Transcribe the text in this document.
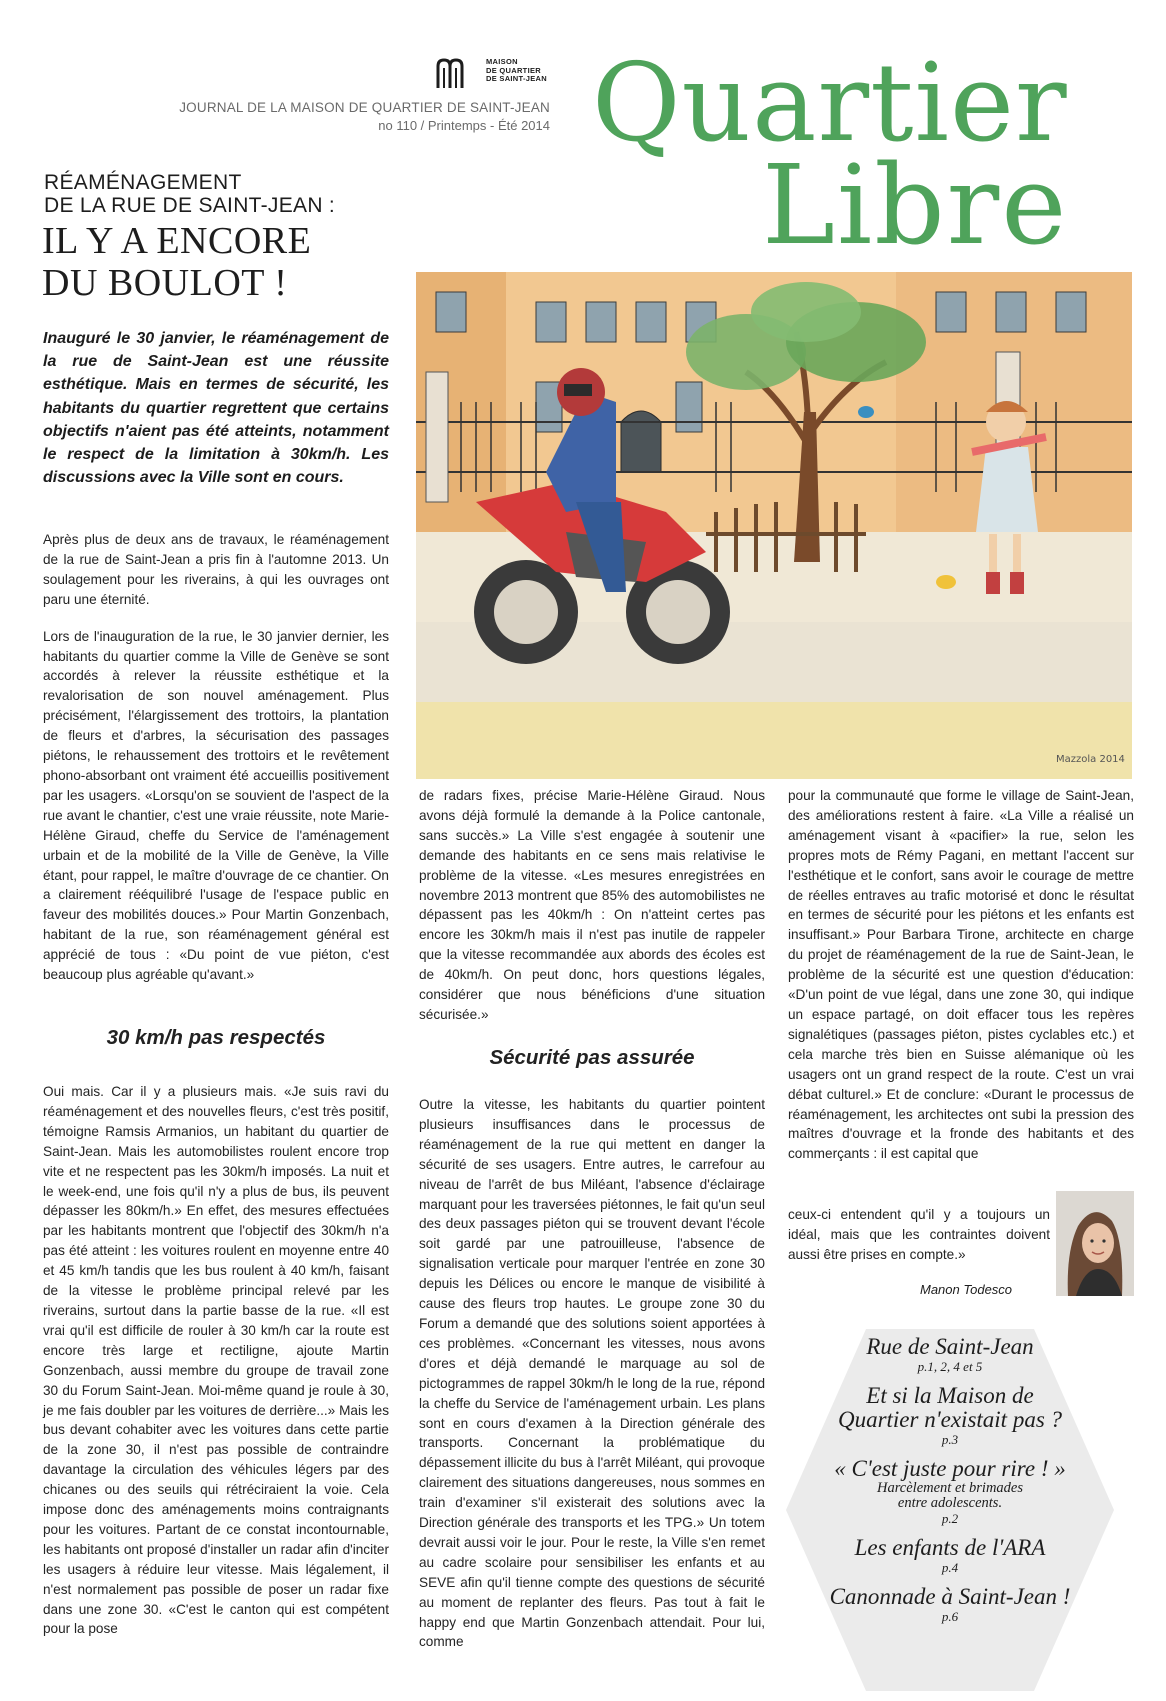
MAISON
DE QUARTIER
DE SAINT-JEAN
JOURNAL DE LA MAISON DE QUARTIER DE SAINT-JEAN
no 110 / Printemps - Été 2014 Quartier
Libre
RÉAMÉNAGEMENT
DE LA RUE DE SAINT-JEAN :
IL Y A ENCORE
DU BOULOT !
Inauguré le 30 janvier, le réaménagement de la rue de Saint-Jean est une réussite esthétique. Mais en termes de sécurité, les habitants du quartier regrettent que certains objectifs n'aient pas été atteints, notamment le respect de la limitation à 30km/h. Les discussions avec la Ville sont en cours.

Après plus de deux ans de travaux, le réaménagement de la rue de Saint-Jean a pris fin à l'automne 2013. Un soulagement pour les riverains, à qui les ouvrages ont paru une éternité.

Lors de l'inauguration de la rue, le 30 janvier dernier, les habitants du quartier comme la Ville de Genève se sont accordés à relever la réussite esthétique et la revalorisation de son nouvel aménagement. Plus précisément, l'élargissement des trottoirs, la plantation de fleurs et d'arbres, la sécurisation des passages piétons, le rehaussement des trottoirs et le revêtement phono-absorbant ont vraiment été accueillis positivement par les usagers. «Lorsqu'on se souvient de l'aspect de la rue avant le chantier, c'est une vraie réussite, note Marie-Hélène Giraud, cheffe du Service de l'aménagement urbain et de la mobilité de la Ville de Genève, la Ville étant, pour rappel, le maître d'ouvrage de ce chantier. On a clairement rééquilibré l'usage de l'espace public en faveur des mobilités douces.» Pour Martin Gonzenbach, habitant de la rue, son réaménagement général est apprécié de tous : «Du point de vue piéton, c'est beaucoup plus agréable qu'avant.»

30 km/h pas respectés

Oui mais. Car il y a plusieurs mais. «Je suis ravi du réaménagement et des nouvelles fleurs, c'est très positif, témoigne Ramsis Armanios, un habitant du quartier de Saint-Jean. Mais les automobilistes roulent encore trop vite et ne respectent pas les 30km/h imposés. La nuit et le week-end, une fois qu'il n'y a plus de bus, ils peuvent dépasser les 80km/h.» En effet, des mesures effectuées par les habitants montrent que l'objectif des 30km/h n'a pas été atteint : les voitures roulent en moyenne entre 40 et 45 km/h tandis que les bus roulent à 40 km/h, faisant de la vitesse le problème principal relevé par les riverains, surtout dans la partie basse de la rue. «Il est vrai qu'il est difficile de rouler à 30 km/h car la route est encore très large et rectiligne, ajoute Martin Gonzenbach, aussi membre du groupe de travail zone 30 du Forum Saint-Jean. Moi-même quand je roule à 30, je me fais doubler par les voitures de derrière...» Mais les bus devant cohabiter avec les voitures dans cette partie de la zone 30, il n'est pas possible de contraindre davantage la circulation des véhicules légers par des chicanes ou des seuils qui rétréciraient la voie. Cela impose donc des aménagements moins contraignants pour les voitures. Partant de ce constat incontournable, les habitants ont proposé d'installer un radar afin d'inciter les usagers à réduire leur vitesse. Mais légalement, il n'est normalement pas possible de poser un radar fixe dans une zone 30. «C'est le canton qui est compétent pour la pose

de radars fixes, précise Marie-Hélène Giraud. Nous avons déjà formulé la demande à la Police cantonale, sans succès.» La Ville s'est engagée à soutenir une demande des habitants en ce sens mais relativise le problème de la vitesse. «Les mesures enregistrées en novembre 2013 montrent que 85% des automobilistes ne dépassent pas les 40km/h : On n'atteint certes pas encore les 30km/h mais il n'est pas inutile de rappeler que la vitesse recommandée aux abords des écoles est de 40km/h. On peut donc, hors questions légales, considérer que nous bénéficions d'une situation sécurisée.»

Sécurité pas assurée

Outre la vitesse, les habitants du quartier pointent plusieurs insuffisances dans le processus de réaménagement de la rue qui mettent en danger la sécurité de ses usagers. Entre autres, le carrefour au niveau de l'arrêt de bus Miléant, l'absence d'éclairage marquant pour les traversées piétonnes, le fait qu'un seul des deux passages piéton qui se trouvent devant l'école soit gardé par une patrouilleuse, l'absence de signalisation verticale pour marquer l'entrée en zone 30 depuis les Délices ou encore le manque de visibilité à cause des fleurs trop hautes. Le groupe zone 30 du Forum a demandé que des solutions soient apportées à ces problèmes. «Concernant les vitesses, nous avons d'ores et déjà demandé le marquage au sol de pictogrammes de rappel 30km/h le long de la rue, répond la cheffe du Service de l'aménagement urbain. Les plans sont en cours d'examen à la Direction générale des transports. Concernant la problématique du dépassement illicite du bus à l'arrêt Miléant, qui provoque clairement des situations dangereuses, nous sommes en train d'examiner s'il existerait des solutions avec la Direction générale des transports et les TPG.» Un totem devrait aussi voir le jour. Pour le reste, la Ville s'en remet au cadre scolaire pour sensibiliser les enfants et au SEVE afin qu'il tienne compte des questions de sécurité au moment de replanter des fleurs. Pas tout à fait le happy end que Martin Gonzenbach attendait. Pour lui, comme

pour la communauté que forme le village de Saint-Jean, des améliorations restent à faire. «La Ville a réalisé un aménagement visant à «pacifier» la rue, selon les propres mots de Rémy Pagani, en mettant l'accent sur l'esthétique et le confort, sans avoir le courage de mettre de réelles entraves au trafic motorisé et donc le résultat en termes de sécurité pour les piétons et les enfants est insuffisant.» Pour Barbara Tirone, architecte en charge du projet de réaménagement de la rue de Saint-Jean, le problème de la sécurité est une question d'éducation: «D'un point de vue légal, dans une zone 30, qui indique un espace partagé, on doit effacer tous les repères signalétiques (passages piéton, pistes cyclables etc.) et cela marche très bien en Suisse alémanique où les usagers ont un grand respect de la route. C'est un vrai débat culturel.» Et de conclure: «Durant le processus de réaménagement, les architectes ont subi la pression des maîtres d'ouvrage et la fronde des habitants et des commerçants : il est capital que

ceux-ci entendent qu'il y a toujours un idéal, mais que les contraintes doivent aussi être prises en compte.»

Manon Todesco
Mazzola 2014
Rue de Saint-Jean
p.1, 2, 4 et 5
Et si la Maison de Quartier n'existait pas ?
p.3
« C'est juste pour rire ! »
Harcèlement et brimades entre adolescents.
p.2
Les enfants de l'ARA
p.4
Canonnade à Saint-Jean !
p.6
